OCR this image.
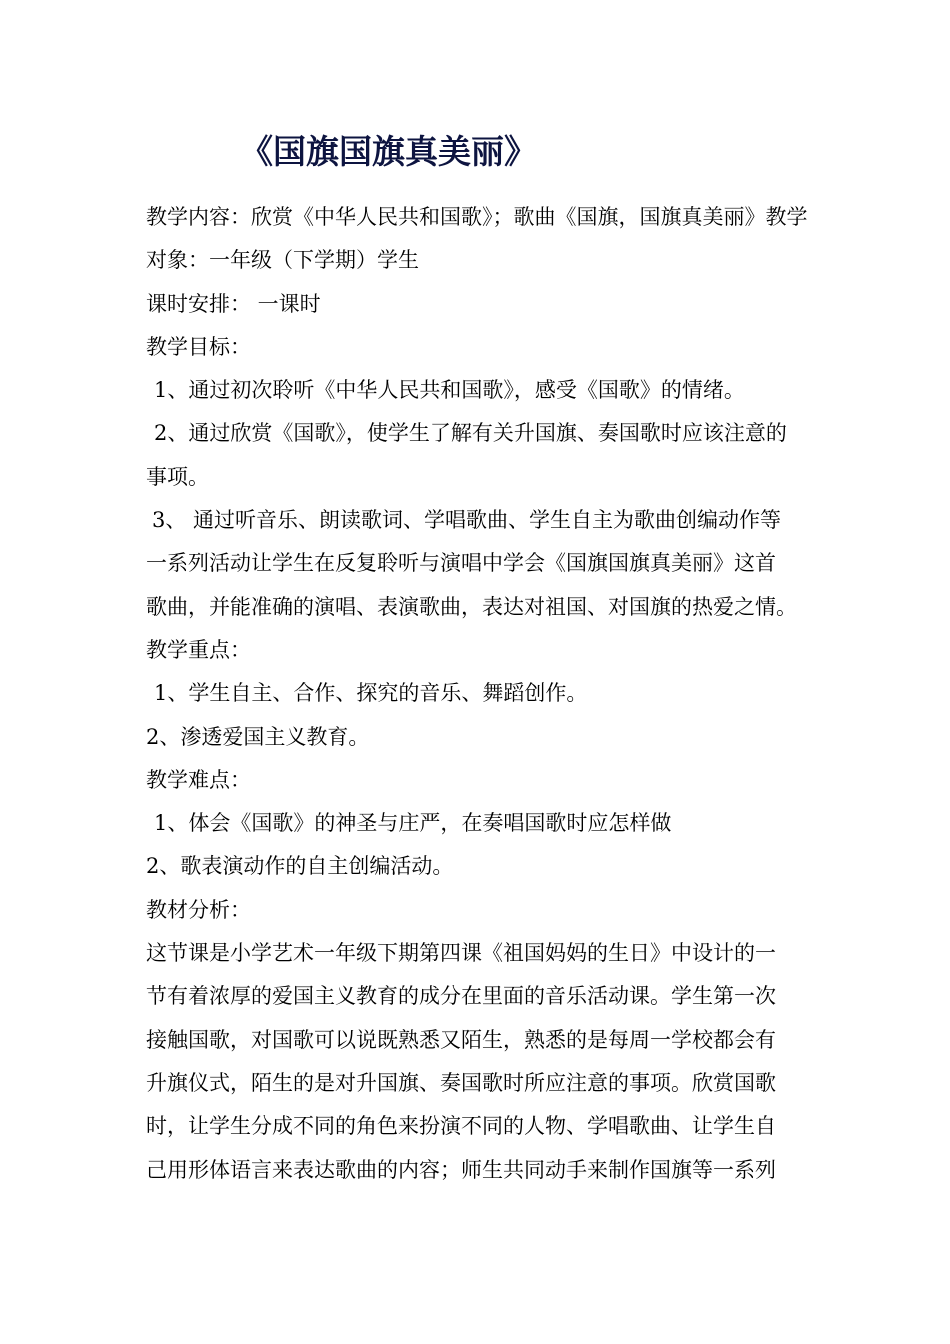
《国旗国旗真美丽》
教学内容：欣赏《中华人民共和国歌》；歌曲《国旗，国旗真美丽》教学
对象：一年级（下学期）学生
课时安排： 一课时
教学目标：
1、通过初次聆听《中华人民共和国歌》，感受《国歌》的情绪。
2、通过欣赏《国歌》，使学生了解有关升国旗、奏国歌时应该注意的
事项。
3、 通过听音乐、朗读歌词、学唱歌曲、学生自主为歌曲创编动作等
一系列活动让学生在反复聆听与演唱中学会《国旗国旗真美丽》这首
歌曲，并能准确的演唱、表演歌曲，表达对祖国、对国旗的热爱之情。
教学重点：
1、学生自主、合作、探究的音乐、舞蹈创作。
2、渗透爱国主义教育。
教学难点：
1、体会《国歌》的神圣与庄严，在奏唱国歌时应怎样做
2、歌表演动作的自主创编活动。
教材分析：
这节课是小学艺术一年级下期第四课《祖国妈妈的生日》中设计的一
节有着浓厚的爱国主义教育的成分在里面的音乐活动课。学生第一次
接触国歌，对国歌可以说既熟悉又陌生，熟悉的是每周一学校都会有
升旗仪式，陌生的是对升国旗、奏国歌时所应注意的事项。欣赏国歌
时，让学生分成不同的角色来扮演不同的人物、学唱歌曲、让学生自
己用形体语言来表达歌曲的内容；师生共同动手来制作国旗等一系列
